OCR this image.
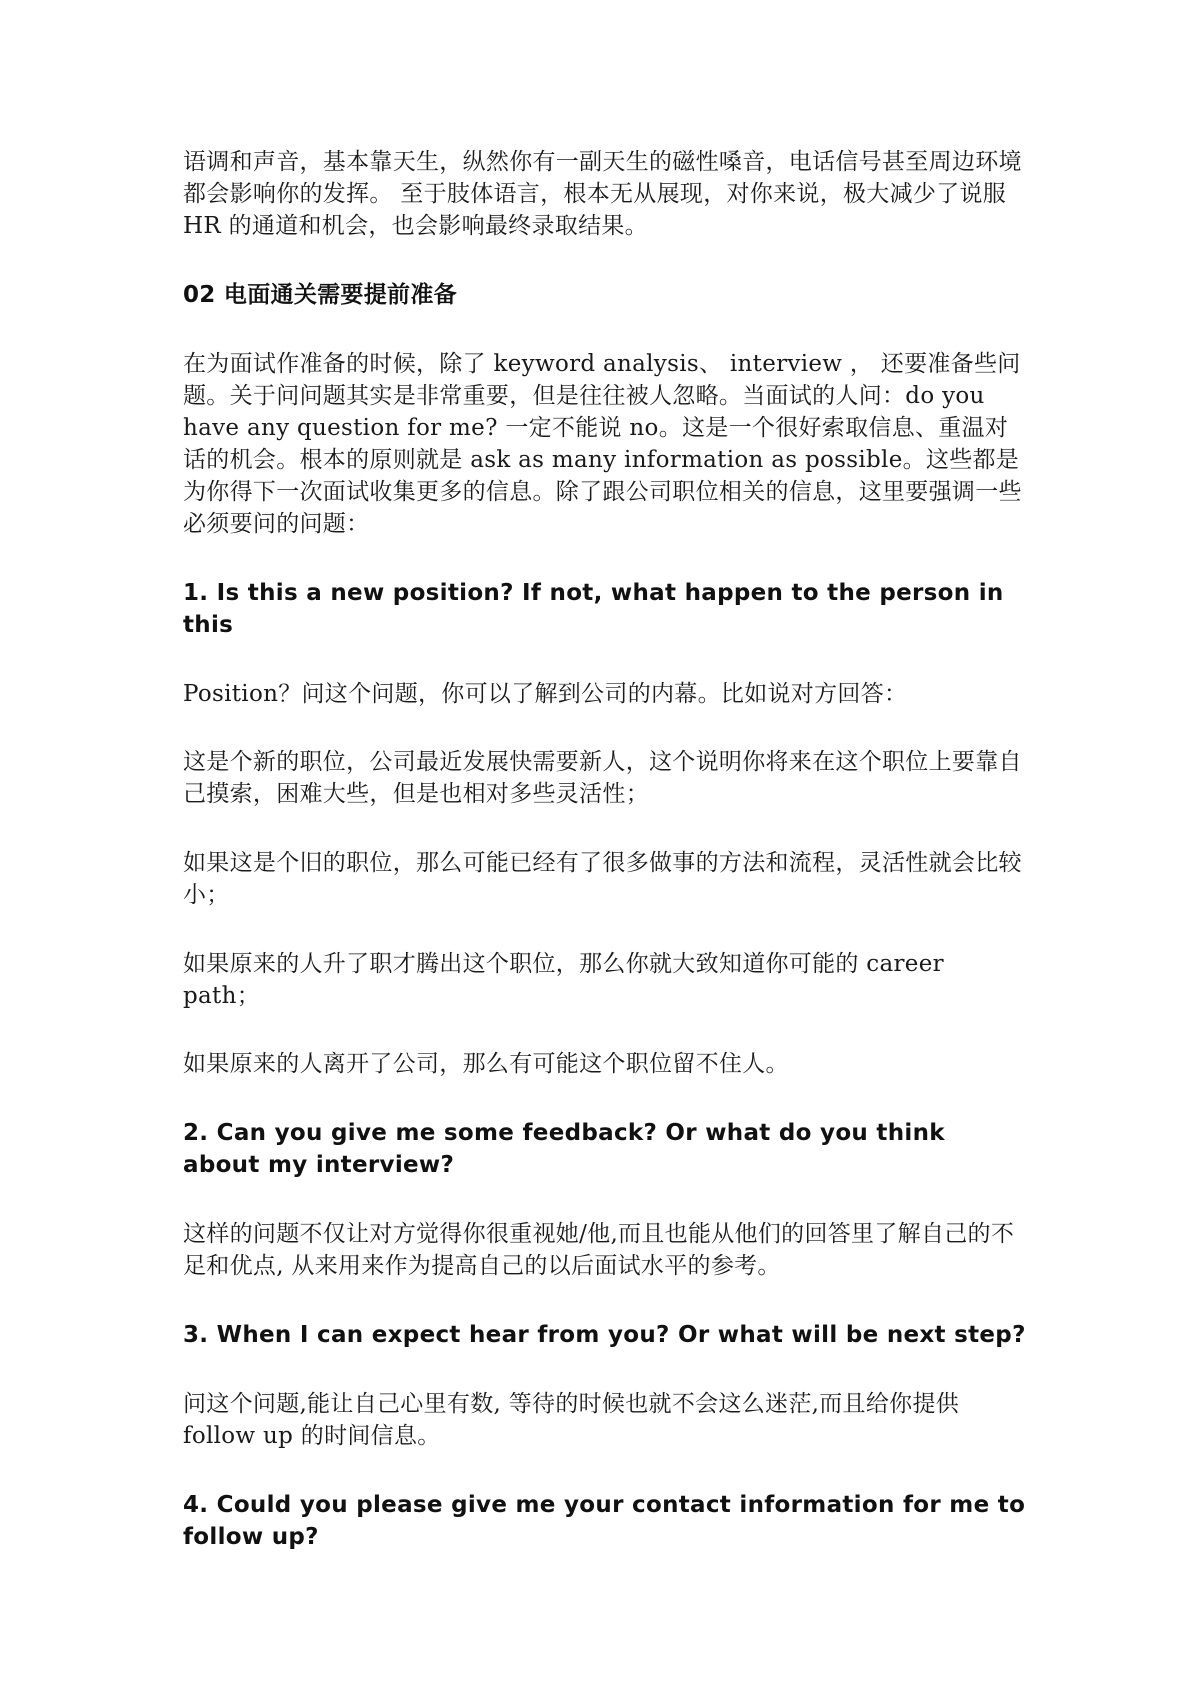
语调和声音，基本靠天生，纵然你有一副天生的磁性嗓音，电话信号甚至周边环境都会影响你的发挥。 至于肢体语言，根本无从展现，对你来说，极大减少了说服 HR 的通道和机会，也会影响最终录取结果。

02 电面通关需要提前准备

在为面试作准备的时候，除了 keyword analysis、 interview ， 还要准备些问题。关于问问题其实是非常重要，但是往往被人忽略。当面试的人问：do you have any question for me? 一定不能说 no。这是一个很好索取信息、重温对话的机会。根本的原则就是 ask as many information as possible。这些都是为你得下一次面试收集更多的信息。除了跟公司职位相关的信息，这里要强调一些必须要问的问题：

1. Is this a new position? If not, what happen to the person in this

Position？问这个问题，你可以了解到公司的内幕。比如说对方回答：

这是个新的职位，公司最近发展快需要新人，这个说明你将来在这个职位上要靠自己摸索，困难大些，但是也相对多些灵活性；

如果这是个旧的职位，那么可能已经有了很多做事的方法和流程，灵活性就会比较小；

如果原来的人升了职才腾出这个职位，那么你就大致知道你可能的 career path；

如果原来的人离开了公司，那么有可能这个职位留不住人。

2. Can you give me some feedback? Or what do you think about my interview?

这样的问题不仅让对方觉得你很重视她/他,而且也能从他们的回答里了解自己的不足和优点, 从来用来作为提高自己的以后面试水平的参考。

3. When I can expect hear from you? Or what will be next step?

问这个问题,能让自己心里有数, 等待的时候也就不会这么迷茫,而且给你提供 follow up 的时间信息。

4. Could you please give me your contact information for me to follow up?
